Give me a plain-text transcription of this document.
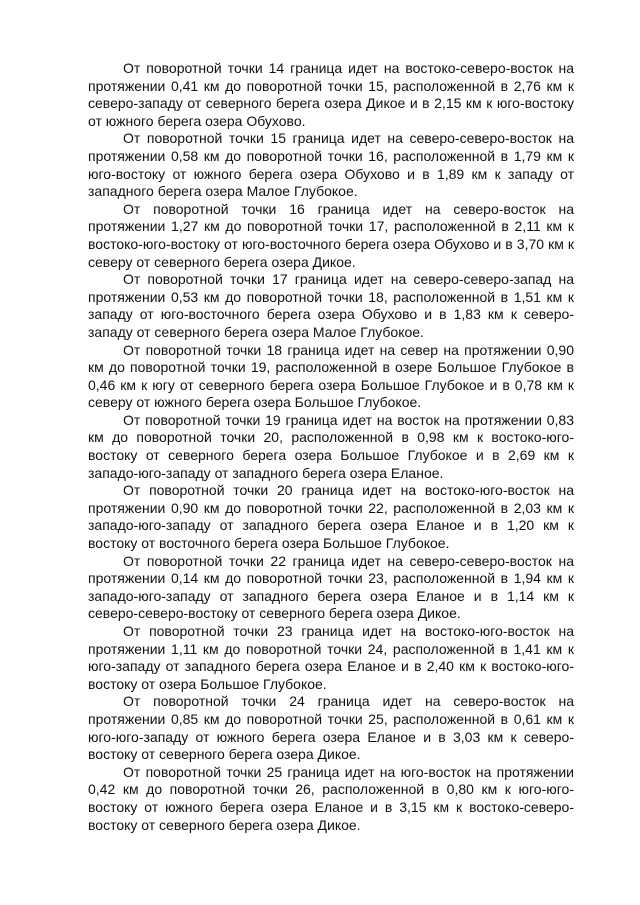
От поворотной точки 14 граница идет на востоко-северо-восток на протяжении 0,41 км до поворотной точки 15, расположенной в 2,76 км к северо-западу от северного берега озера Дикое и в 2,15 км к юго-востоку от южного берега озера Обухово.

От поворотной точки 15 граница идет на северо-северо-восток на протяжении 0,58 км до поворотной точки 16, расположенной в 1,79 км к юго-востоку от южного берега озера Обухово и в 1,89 км к западу от западного берега озера Малое Глубокое.

От поворотной точки 16 граница идет на северо-восток на протяжении 1,27 км до поворотной точки 17, расположенной в 2,11 км к востоко-юго-востоку от юго-восточного берега озера Обухово и в 3,70 км к северу от северного берега озера Дикое.

От поворотной точки 17 граница идет на северо-северо-запад на протяжении 0,53 км до поворотной точки 18, расположенной в 1,51 км к западу от юго-восточного берега озера Обухово и в 1,83 км к северо-западу от северного берега озера Малое Глубокое.

От поворотной точки 18 граница идет на север на протяжении 0,90 км до поворотной точки 19, расположенной в озере Большое Глубокое в 0,46 км к югу от северного берега озера Большое Глубокое и в 0,78 км к северу от южного берега озера Большое Глубокое.

От поворотной точки 19 граница идет на восток на протяжении 0,83 км до поворотной точки 20, расположенной в 0,98 км к востоко-юго-востоку от северного берега озера Большое Глубокое и в 2,69 км к западо-юго-западу от западного берега озера Еланое.

От поворотной точки 20 граница идет на востоко-юго-восток на протяжении 0,90 км до поворотной точки 22, расположенной в 2,03 км к западо-юго-западу от западного берега озера Еланое и в 1,20 км к востоку от восточного берега озера Большое Глубокое.

От поворотной точки 22 граница идет на северо-северо-восток на протяжении 0,14 км до поворотной точки 23, расположенной в 1,94 км к западо-юго-западу от западного берега озера Еланое и в 1,14 км к северо-северо-востоку от северного берега озера Дикое.

От поворотной точки 23 граница идет на востоко-юго-восток на протяжении 1,11 км до поворотной точки 24, расположенной в 1,41 км к юго-западу от западного берега озера Еланое и в 2,40 км к востоко-юго-востоку от озера Большое Глубокое.

От поворотной точки 24 граница идет на северо-восток на протяжении 0,85 км до поворотной точки 25, расположенной в 0,61 км к юго-юго-западу от южного берега озера Еланое и в 3,03 км к северо-востоку от северного берега озера Дикое.

От поворотной точки 25 граница идет на юго-восток на протяжении 0,42 км до поворотной точки 26, расположенной в 0,80 км к юго-юго-востоку от южного берега озера Еланое и в 3,15 км к востоко-северо-востоку от северного берега озера Дикое.
